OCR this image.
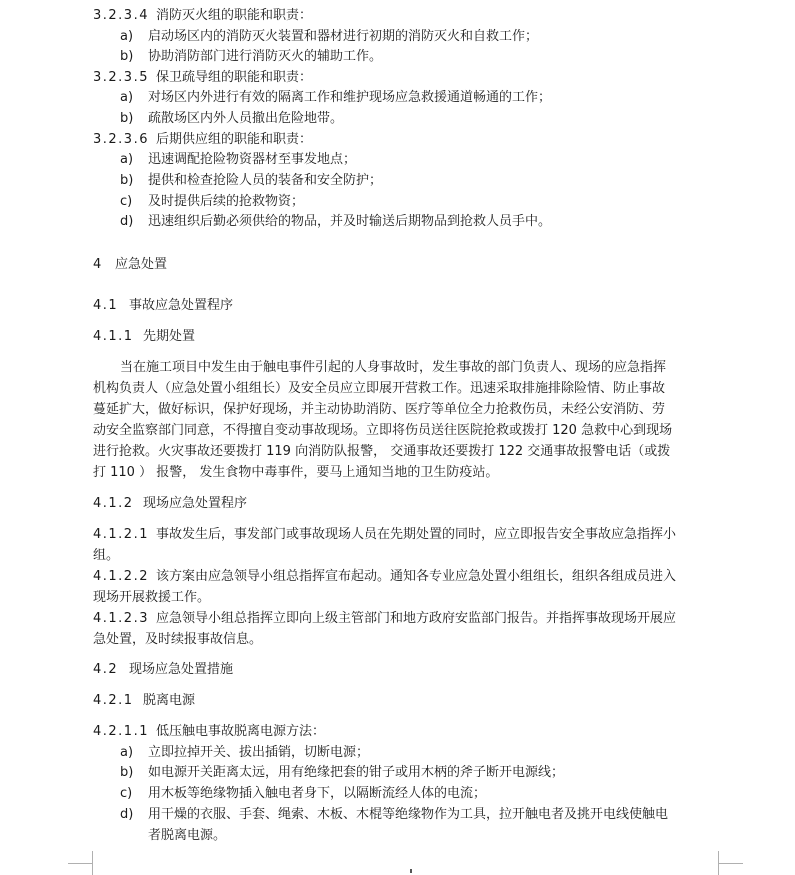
3.2.3.4 消防灭火组的职能和职责：
a) 启动场区内的消防灭火装置和器材进行初期的消防灭火和自救工作；
b) 协助消防部门进行消防灭火的辅助工作。
3.2.3.5 保卫疏导组的职能和职责：
a) 对场区内外进行有效的隔离工作和维护现场应急救援通道畅通的工作；
b) 疏散场区内外人员撤出危险地带。
3.2.3.6 后期供应组的职能和职责：
a) 迅速调配抢险物资器材至事发地点；
b) 提供和检查抢险人员的装备和安全防护；
c) 及时提供后续的抢救物资；
d) 迅速组织后勤必须供给的物品，并及时输送后期物品到抢救人员手中。
4 应急处置
4.1 事故应急处置程序
4.1.1 先期处置
当在施工项目中发生由于触电事件引起的人身事故时，发生事故的部门负责人、现场的应急指挥
机构负责人（应急处置小组组长）及安全员应立即展开营救工作。迅速采取排施排除险情、防止事故
蔓延扩大，做好标识，保护好现场，并主动协助消防、医疗等单位全力抢救伤员，未经公安消防、劳
动安全监察部门同意，不得擅自变动事故现场。立即将伤员送往医院抢救或拨打 120 急救中心到现场
进行抢救。火灾事故还要拨打 119 向消防队报警， 交通事故还要拨打 122 交通事故报警电话（或拨
打 110 ） 报警， 发生食物中毒事件，要马上通知当地的卫生防疫站。
4.1.2 现场应急处置程序
4.1.2.1 事故发生后，事发部门或事故现场人员在先期处置的同时，应立即报告安全事故应急指挥小
组。
4.1.2.2 该方案由应急领导小组总指挥宣布起动。通知各专业应急处置小组组长，组织各组成员进入
现场开展救援工作。
4.1.2.3 应急领导小组总指挥立即向上级主管部门和地方政府安监部门报告。并指挥事故现场开展应
急处置，及时续报事故信息。
4.2 现场应急处置措施
4.2.1 脱离电源
4.2.1.1 低压触电事故脱离电源方法：
a) 立即拉掉开关、拔出插销，切断电源；
b) 如电源开关距离太远，用有绝缘把套的钳子或用木柄的斧子断开电源线；
c) 用木板等绝缘物插入触电者身下，以隔断流经人体的电流；
d) 用干燥的衣服、手套、绳索、木板、木棍等绝缘物作为工具，拉开触电者及挑开电线使触电
者脱离电源。
